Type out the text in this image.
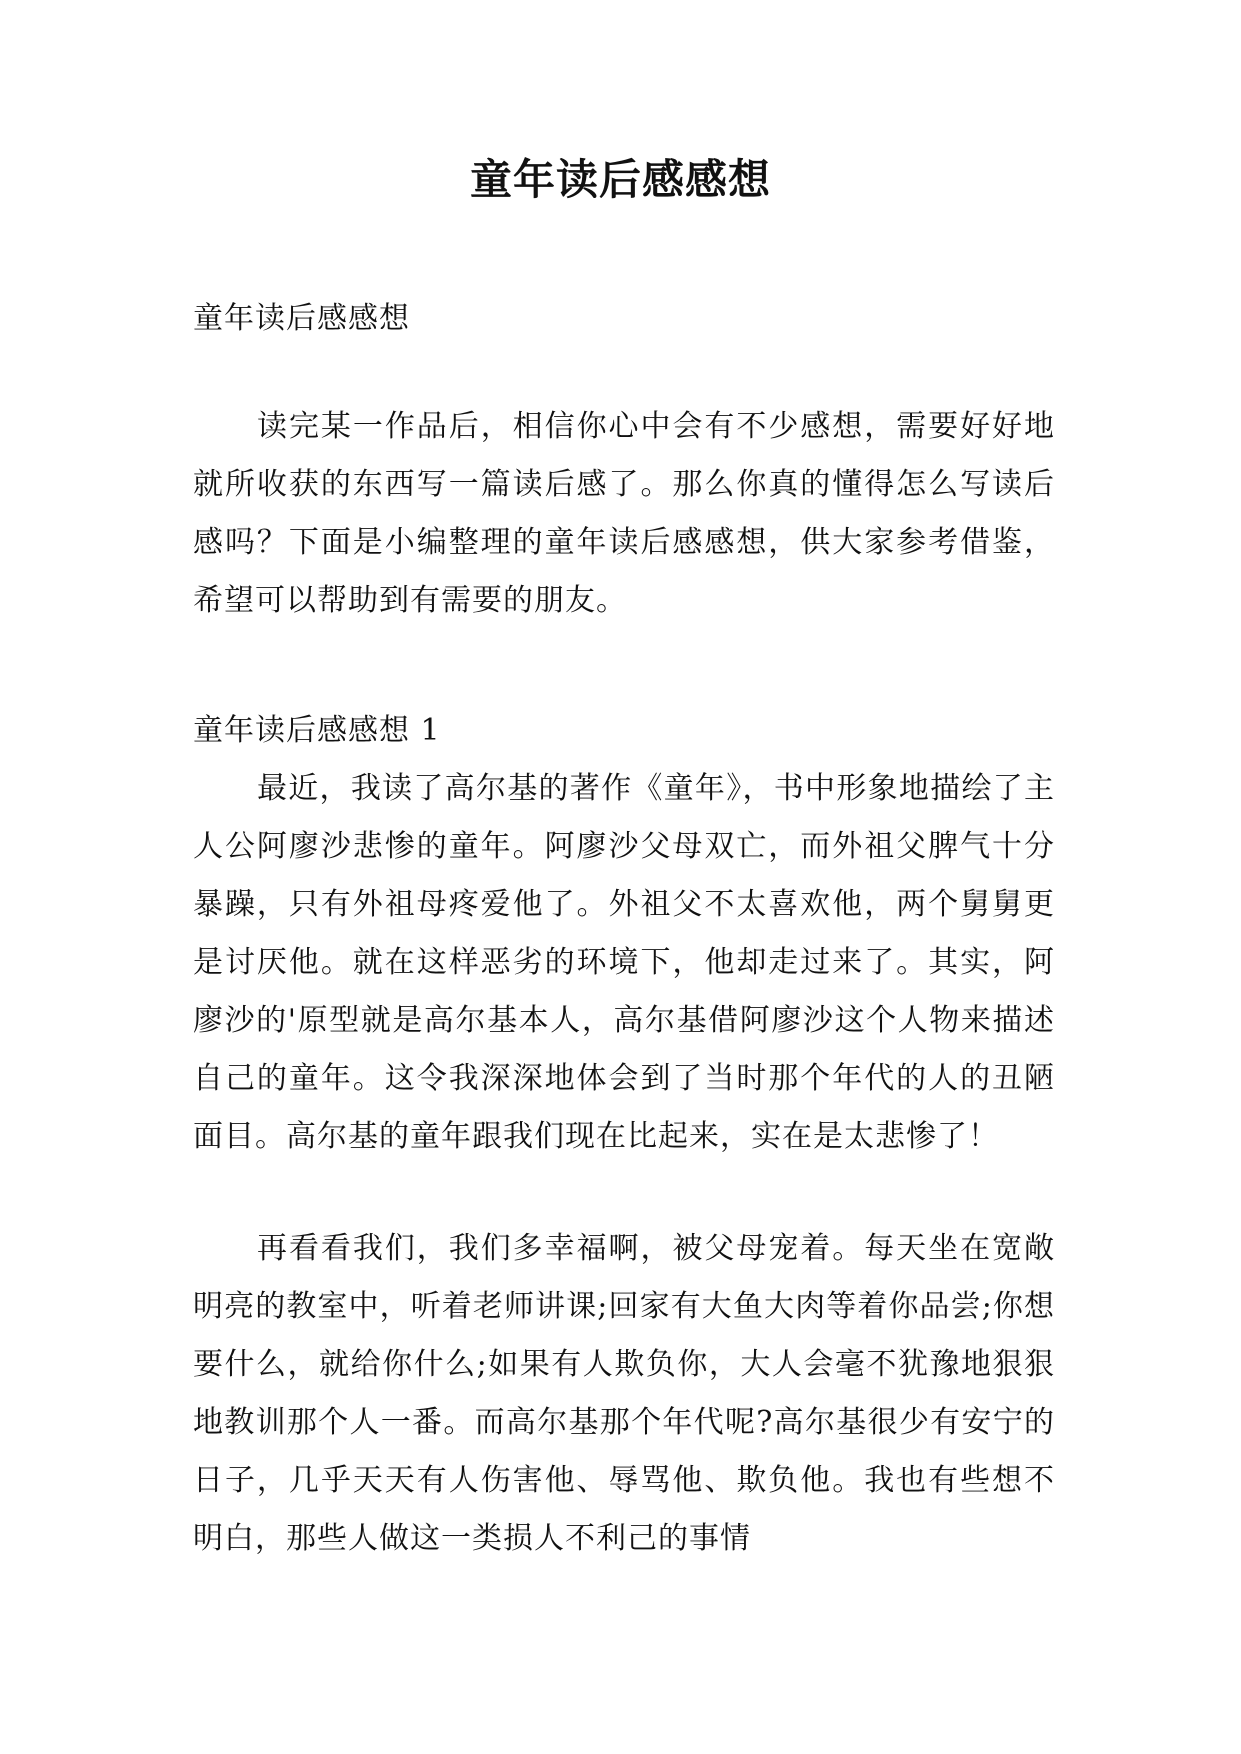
童年读后感感想
童年读后感感想
读完某一作品后，相信你心中会有不少感想，需要好好地就所收获的东西写一篇读后感了。那么你真的懂得怎么写读后感吗？下面是小编整理的童年读后感感想，供大家参考借鉴，希望可以帮助到有需要的朋友。
童年读后感感想 1
最近，我读了高尔基的著作《童年》，书中形象地描绘了主人公阿廖沙悲惨的童年。阿廖沙父母双亡，而外祖父脾气十分暴躁，只有外祖母疼爱他了。外祖父不太喜欢他，两个舅舅更是讨厌他。就在这样恶劣的环境下，他却走过来了。其实，阿廖沙的'原型就是高尔基本人，高尔基借阿廖沙这个人物来描述自己的童年。这令我深深地体会到了当时那个年代的人的丑陋面目。高尔基的童年跟我们现在比起来，实在是太悲惨了！
再看看我们，我们多幸福啊，被父母宠着。每天坐在宽敞明亮的教室中，听着老师讲课;回家有大鱼大肉等着你品尝;你想要什么，就给你什么;如果有人欺负你，大人会毫不犹豫地狠狠地教训那个人一番。而高尔基那个年代呢?高尔基很少有安宁的日子，几乎天天有人伤害他、辱骂他、欺负他。我也有些想不明白，那些人做这一类损人不利己的事情
